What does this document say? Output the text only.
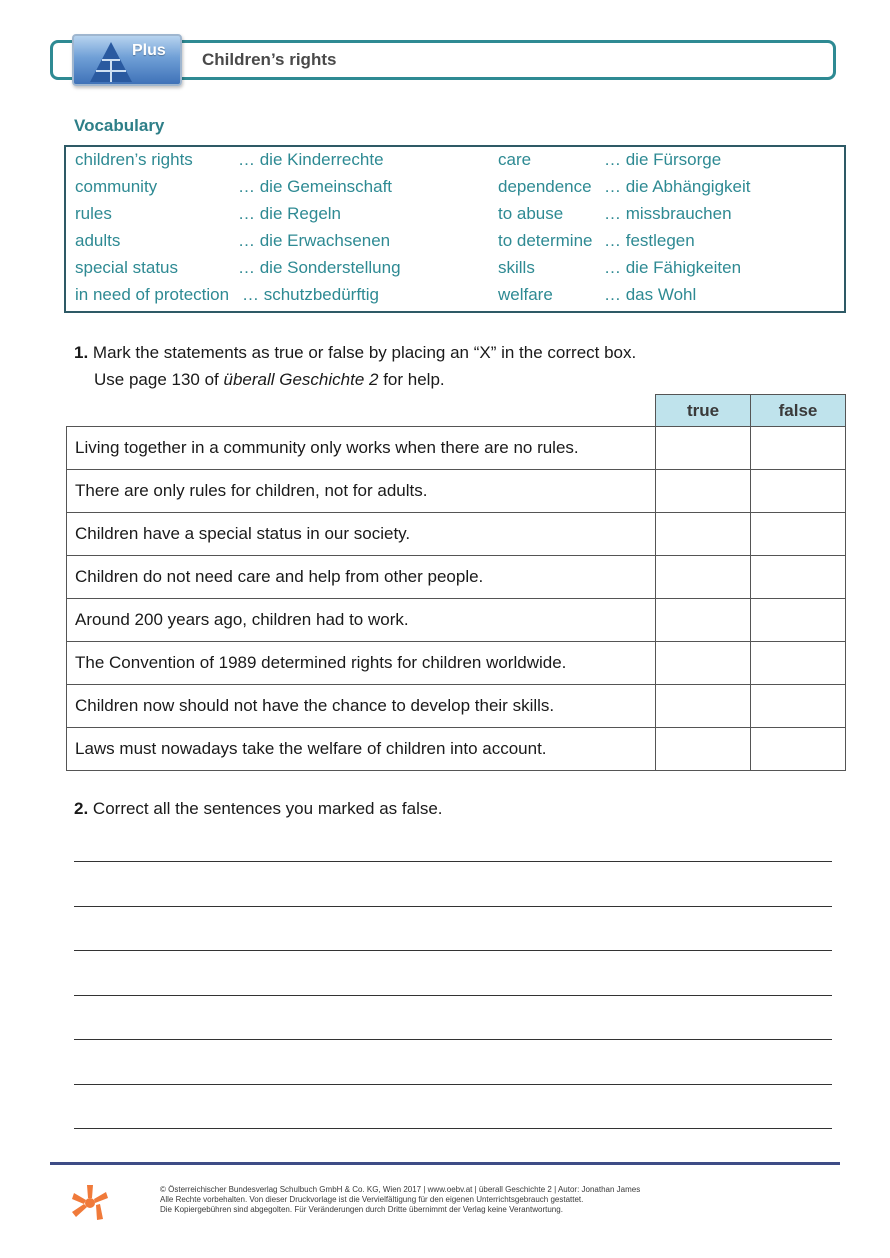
Plus Children’s rights
Vocabulary
children’s rights	… die Kinderrechte	care	… die Fürsorge
community	… die Gemeinschaft	dependence … die Abhängigkeit
rules	… die Regeln	to abuse … missbrauchen
adults	… die Erwachsenen	to determine … festlegen
special status	… die Sonderstellung	skills	… die Fähigkeiten
in need of protection … schutzbedürftig	welfare	… das Wohl
1. Mark the statements as true or false by placing an “X” in the correct box.
Use page 130 of überall Geschichte 2 for help.
	true	false
Living together in a community only works when there are no rules.		
There are only rules for children, not for adults.		
Children have a special status in our society.		
Children do not need care and help from other people.		
Around 200 years ago, children had to work.		
The Convention of 1989 determined rights for children worldwide.		
Children now should not have the chance to develop their skills.		
Laws must nowadays take the welfare of children into account.		
2. Correct all the sentences you marked as false.
© Österreichischer Bundesverlag Schulbuch GmbH & Co. KG, Wien 2017 | www.oebv.at | überall Geschichte 2 | Autor: Jonathan James
Alle Rechte vorbehalten. Von dieser Druckvorlage ist die Vervielfältigung für den eigenen Unterrichtsgebrauch gestattet.
Die Kopiergebühren sind abgegolten. Für Veränderungen durch Dritte übernimmt der Verlag keine Verantwortung.
